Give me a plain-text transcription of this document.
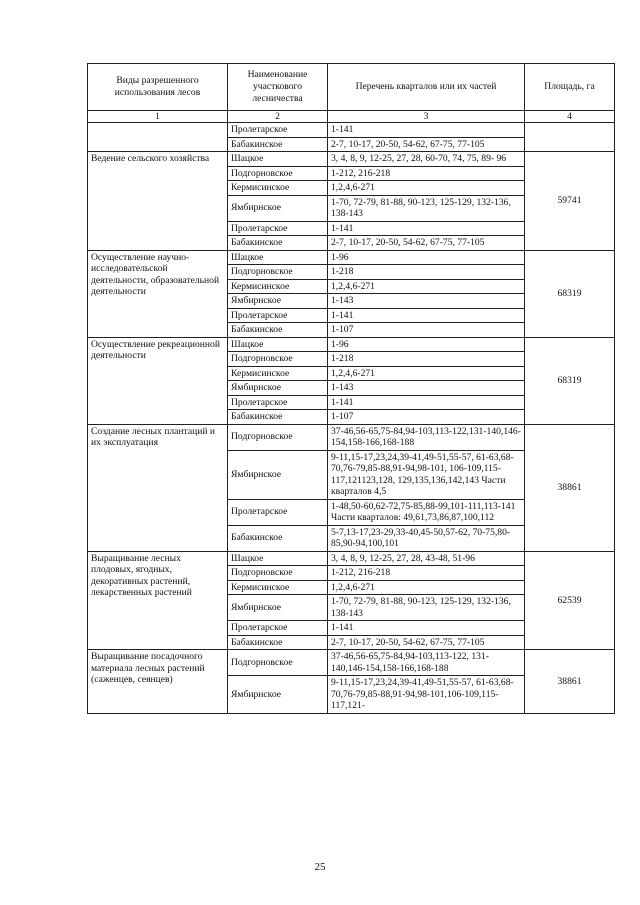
Виды разрешенного использования лесов	Наименование участкового лесничества	Перечень кварталов или их частей	Площадь, га
1	2	3	4
	Пролетарское	1-141	
	Бабакинское	2-7, 10-17, 20-50, 54-62, 67-75, 77-105	
Ведение сельского хозяйства	Шацкое	3, 4, 8, 9, 12-25, 27, 28, 60-70, 74, 75, 89- 96	59741
	Подгорновское	1-212, 216-218	
	Кермисинское	1,2,4,6-271	
	Ямбирнское	1-70, 72-79, 81-88, 90-123, 125-129, 132-136, 138-143	
	Пролетарское	1-141	
	Бабакинское	2-7, 10-17, 20-50, 54-62, 67-75, 77-105	
Осуществление научно-исследовательской деятельности, образовательной деятельности	Шацкое	1-96	68319
	Подгорновское	1-218	
	Кермисинское	1,2,4,6-271	
	Ямбирнское	1-143	
	Пролетарское	1-141	
	Бабакинское	1-107	
Осуществление рекреационной деятельности	Шацкое	1-96	68319
	Подгорновское	1-218	
	Кермисинское	1,2,4,6-271	
	Ямбирнское	1-143	
	Пролетарское	1-141	
	Бабакинское	1-107	
Создание лесных плантаций и их эксплуатация	Подгорновское	37-46,56-65,75-84,94-103,113-122,131-140,146-154,158-166,168-188	38861
	Ямбирнское	9-11,15-17,23,24,39-41,49-51,55-57, 61-63,68-70,76-79,85-88,91-94,98-101, 106-109,115-117,121123,128, 129,135,136,142,143 Части кварталов 4,5	
	Пролетарское	1-48,50-60,62-72,75-85,88-99,101-111,113-141 Части кварталов: 49,61,73,86,87,100,112	
	Бабакинское	5-7,13-17,23-29,33-40,45-50,57-62, 70-75,80-85,90-94,100,101	
Выращивание лесных плодовых, ягодных, декоративных растений, лекарственных растений	Шацкое	3, 4, 8, 9, 12-25, 27, 28, 43-48, 51-96	62539
	Подгорновское	1-212, 216-218	
	Кермисинское	1,2,4,6-271	
	Ямбирнское	1-70, 72-79, 81-88, 90-123, 125-129, 132-136, 138-143	
	Пролетарское	1-141	
	Бабакинское	2-7, 10-17, 20-50, 54-62, 67-75, 77-105	
Выращивание посадочного материала лесных растений (саженцев, сеянцев)	Подгорновское	37-46,56-65,75-84,94-103,113-122, 131-140,146-154,158-166,168-188	38861
	Ямбирнское	9-11,15-17,23,24,39-41,49-51,55-57, 61-63,68-70,76-79,85-88,91-94,98-101,106-109,115-117,121-	
25
